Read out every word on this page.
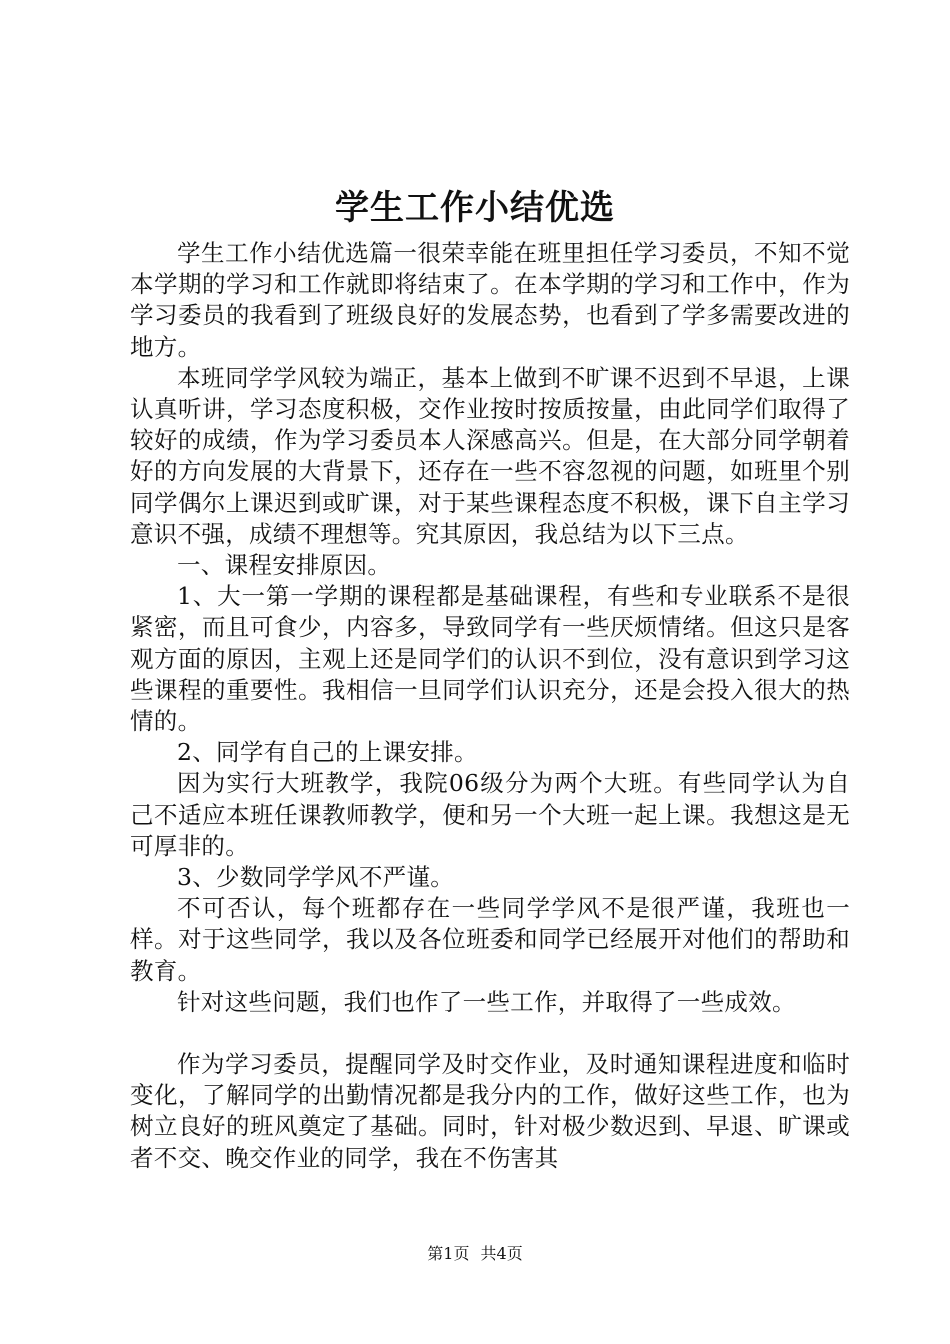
学生工作小结优选

学生工作小结优选篇一很荣幸能在班里担任学习委员，不知不觉本学期的学习和工作就即将结束了。在本学期的学习和工作中，作为学习委员的我看到了班级良好的发展态势，也看到了学多需要改进的地方。

本班同学学风较为端正，基本上做到不旷课不迟到不早退，上课认真听讲，学习态度积极，交作业按时按质按量，由此同学们取得了较好的成绩，作为学习委员本人深感高兴。但是，在大部分同学朝着好的方向发展的大背景下，还存在一些不容忽视的问题，如班里个别同学偶尔上课迟到或旷课，对于某些课程态度不积极，课下自主学习意识不强，成绩不理想等。究其原因，我总结为以下三点。

一、课程安排原因。

1、大一第一学期的课程都是基础课程，有些和专业联系不是很紧密，而且可食少，内容多，导致同学有一些厌烦情绪。但这只是客观方面的原因，主观上还是同学们的认识不到位，没有意识到学习这些课程的重要性。我相信一旦同学们认识充分，还是会投入很大的热情的。

2、同学有自己的上课安排。

因为实行大班教学，我院06级分为两个大班。有些同学认为自己不适应本班任课教师教学，便和另一个大班一起上课。我想这是无可厚非的。

3、少数同学学风不严谨。

不可否认，每个班都存在一些同学学风不是很严谨，我班也一样。对于这些同学，我以及各位班委和同学已经展开对他们的帮助和教育。

针对这些问题，我们也作了一些工作，并取得了一些成效。

作为学习委员，提醒同学及时交作业，及时通知课程进度和临时变化，了解同学的出勤情况都是我分内的工作，做好这些工作，也为树立良好的班风奠定了基础。同时，针对极少数迟到、早退、旷课或者不交、晚交作业的同学，我在不伤害其

第1页 共4页
